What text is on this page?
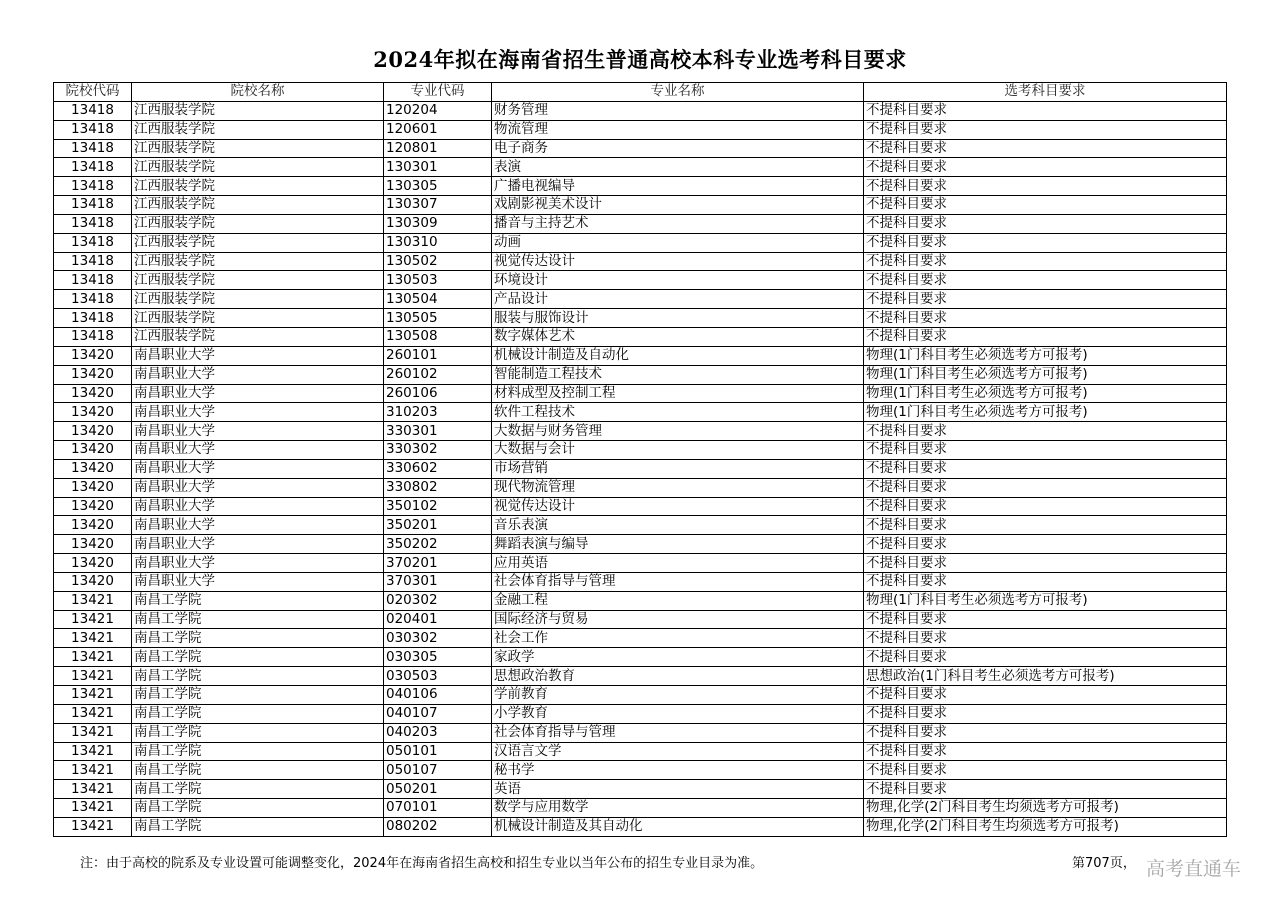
2024年拟在海南省招生普通高校本科专业选考科目要求
院校代码	院校名称	专业代码	专业名称	选考科目要求
13418	江西服装学院	120204	财务管理	不提科目要求
13418	江西服装学院	120601	物流管理	不提科目要求
13418	江西服装学院	120801	电子商务	不提科目要求
13418	江西服装学院	130301	表演	不提科目要求
13418	江西服装学院	130305	广播电视编导	不提科目要求
13418	江西服装学院	130307	戏剧影视美术设计	不提科目要求
13418	江西服装学院	130309	播音与主持艺术	不提科目要求
13418	江西服装学院	130310	动画	不提科目要求
13418	江西服装学院	130502	视觉传达设计	不提科目要求
13418	江西服装学院	130503	环境设计	不提科目要求
13418	江西服装学院	130504	产品设计	不提科目要求
13418	江西服装学院	130505	服装与服饰设计	不提科目要求
13418	江西服装学院	130508	数字媒体艺术	不提科目要求
13420	南昌职业大学	260101	机械设计制造及自动化	物理(1门科目考生必须选考方可报考)
13420	南昌职业大学	260102	智能制造工程技术	物理(1门科目考生必须选考方可报考)
13420	南昌职业大学	260106	材料成型及控制工程	物理(1门科目考生必须选考方可报考)
13420	南昌职业大学	310203	软件工程技术	物理(1门科目考生必须选考方可报考)
13420	南昌职业大学	330301	大数据与财务管理	不提科目要求
13420	南昌职业大学	330302	大数据与会计	不提科目要求
13420	南昌职业大学	330602	市场营销	不提科目要求
13420	南昌职业大学	330802	现代物流管理	不提科目要求
13420	南昌职业大学	350102	视觉传达设计	不提科目要求
13420	南昌职业大学	350201	音乐表演	不提科目要求
13420	南昌职业大学	350202	舞蹈表演与编导	不提科目要求
13420	南昌职业大学	370201	应用英语	不提科目要求
13420	南昌职业大学	370301	社会体育指导与管理	不提科目要求
13421	南昌工学院	020302	金融工程	物理(1门科目考生必须选考方可报考)
13421	南昌工学院	020401	国际经济与贸易	不提科目要求
13421	南昌工学院	030302	社会工作	不提科目要求
13421	南昌工学院	030305	家政学	不提科目要求
13421	南昌工学院	030503	思想政治教育	思想政治(1门科目考生必须选考方可报考)
13421	南昌工学院	040106	学前教育	不提科目要求
13421	南昌工学院	040107	小学教育	不提科目要求
13421	南昌工学院	040203	社会体育指导与管理	不提科目要求
13421	南昌工学院	050101	汉语言文学	不提科目要求
13421	南昌工学院	050107	秘书学	不提科目要求
13421	南昌工学院	050201	英语	不提科目要求
13421	南昌工学院	070101	数学与应用数学	物理,化学(2门科目考生均须选考方可报考)
13421	南昌工学院	080202	机械设计制造及其自动化	物理,化学(2门科目考生均须选考方可报考)
注：由于高校的院系及专业设置可能调整变化，2024年在海南省招生高校和招生专业以当年公布的招生专业目录为准。	第707页， 高考直通车
